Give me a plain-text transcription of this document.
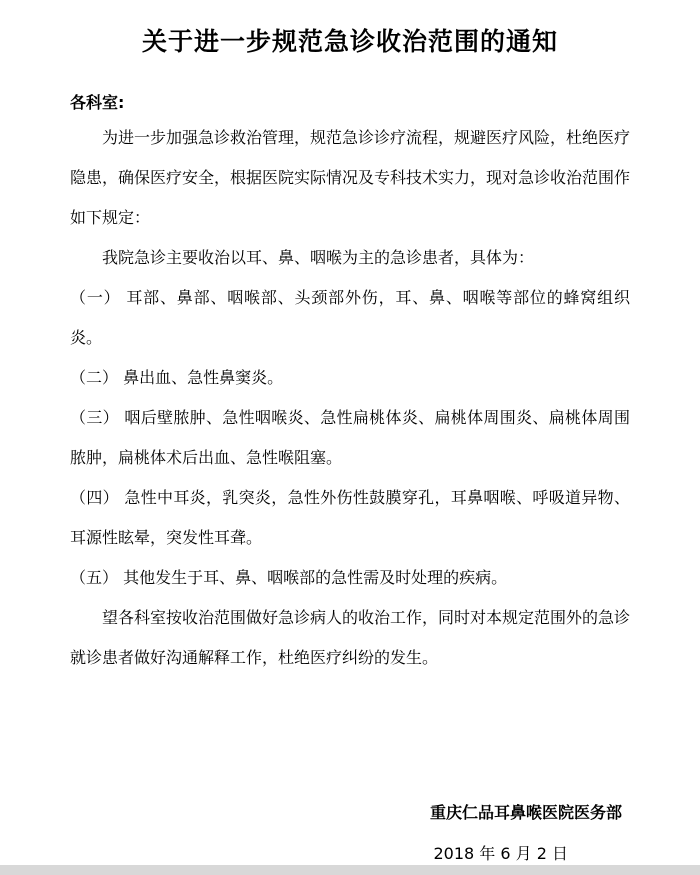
关于进一步规范急诊收治范围的通知
各科室:

为进一步加强急诊救治管理，规范急诊诊疗流程，规避医疗风险，杜绝医疗隐患，确保医疗安全，根据医院实际情况及专科技术实力，现对急诊收治范围作如下规定：

我院急诊主要收治以耳、鼻、咽喉为主的急诊患者，具体为：

（一） 耳部、鼻部、咽喉部、头颈部外伤，耳、鼻、咽喉等部位的蜂窝组织炎。

（二） 鼻出血、急性鼻窦炎。

（三） 咽后壁脓肿、急性咽喉炎、急性扁桃体炎、扁桃体周围炎、扁桃体周围脓肿，扁桃体术后出血、急性喉阻塞。

（四） 急性中耳炎，乳突炎，急性外伤性鼓膜穿孔，耳鼻咽喉、呼吸道异物、耳源性眩晕，突发性耳聋。

（五） 其他发生于耳、鼻、咽喉部的急性需及时处理的疾病。

望各科室按收治范围做好急诊病人的收治工作，同时对本规定范围外的急诊就诊患者做好沟通解释工作，杜绝医疗纠纷的发生。

重庆仁品耳鼻喉医院医务部
2018 年 6 月 2 日
